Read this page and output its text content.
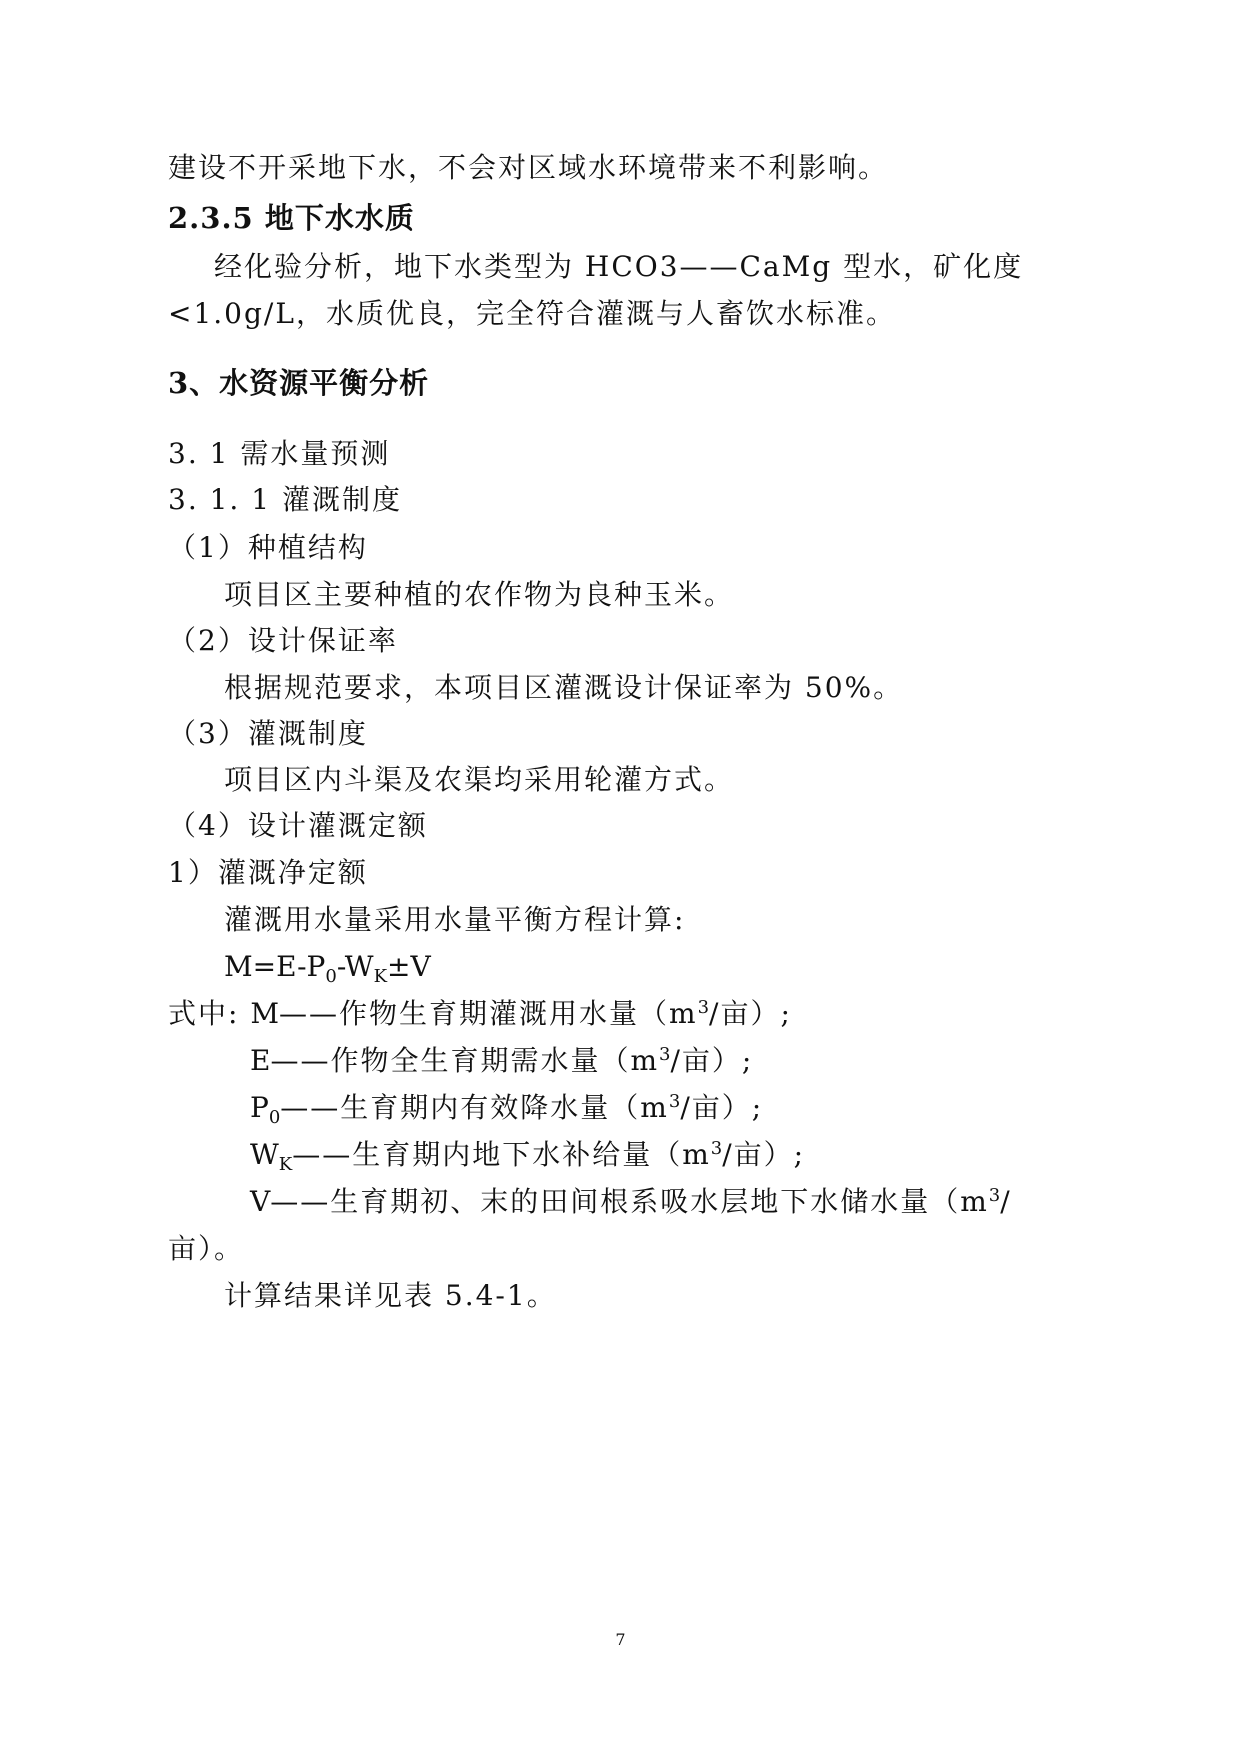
建设不开采地下水，不会对区域水环境带来不利影响。
2.3.5 地下水水质
经化验分析，地下水类型为 HCO3——CaMg 型水，矿化度
<1.0g/L，水质优良，完全符合灌溉与人畜饮水标准。
3、水资源平衡分析
3. 1 需水量预测
3. 1. 1 灌溉制度
（1）种植结构
项目区主要种植的农作物为良种玉米。
（2）设计保证率
根据规范要求，本项目区灌溉设计保证率为 50%。
（3）灌溉制度
项目区内斗渠及农渠均采用轮灌方式。
（4）设计灌溉定额
1）灌溉净定额
灌溉用水量采用水量平衡方程计算:
$M=E-P_0-W_K\pm V$
式中: M——作物生育期灌溉用水量（$m^3/$亩）;
E——作物全生育期需水量（$m^3/$亩）;
$P_0——$生育期内有效降水量（$m^3/$亩）;
$W_K——$生育期内地下水补给量（$m^3/$亩）;
V——生育期初、末的田间根系吸水层地下水储水量（$m^3/$
亩）。
计算结果详见表 5.4-1。
7
